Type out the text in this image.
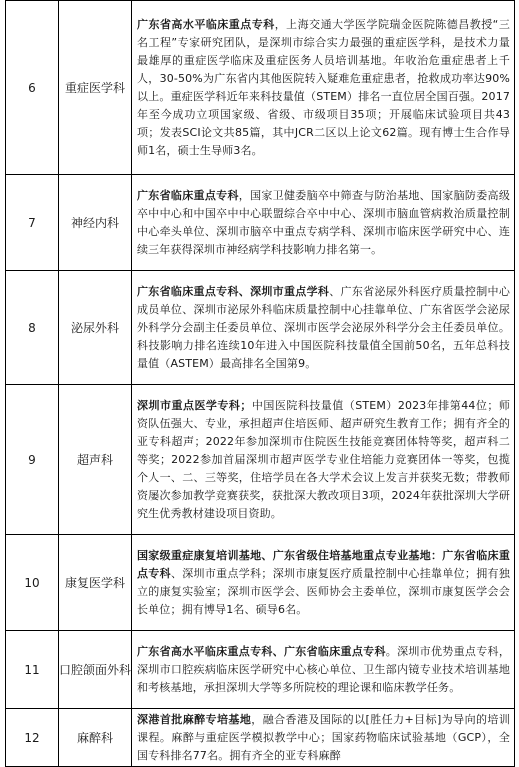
6	重症医学科	广东省高水平临床重点专科，上海交通大学医学院瑞金医院陈德昌教授“三名工程”专家研究团队，是深圳市综合实力最强的重症医学科，是技术力量最雄厚的重症医学临床及重症医务人员培训基地。年收治危重症患者上千人，30-50%为广东省内其他医院转入疑难危重症患者，抢救成功率达90%以上。重症医学科近年来科技量值（STEM）排名一直位居全国百强。2017年至今成功立项国家级、省级、市级项目35项；开展临床试验项目共43项；发表SCI论文共85篇，其中JCR二区以上论文62篇。现有博士生合作导师1名，硕士生导师3名。
7	神经内科	广东省临床重点专科，国家卫健委脑卒中筛查与防治基地、国家脑防委高级卒中中心和中国卒中中心联盟综合卒中中心、深圳市脑血管病救治质量控制中心牵头单位、深圳市脑卒中重点专病学科、深圳市临床医学研究中心、连续三年获得深圳市神经病学科技影响力排名第一。
8	泌尿外科	广东省临床重点专科、深圳市重点学科、广东省泌尿外科医疗质量控制中心成员单位、深圳市泌尿外科临床质量控制中心挂靠单位、广东省医学会泌尿外科学分会副主任委员单位、深圳市医学会泌尿外科学分会主任委员单位。科技影响力排名连续10年进入中国医院科技量值全国前50名，五年总科技量值（ASTEM）最高排名全国第9。
9	超声科	深圳市重点医学专科；中国医院科技量值（STEM）2023年排第44位；师资队伍强大、专业，承担超声住培医师、超声研究生教育工作；拥有齐全的亚专科超声；2022年参加深圳市住院医生技能竞赛团体特等奖，超声科二等奖；2022参加首届深圳市超声医学专业住培能力竞赛团体一等奖，包揽个人一、二、三等奖，住培学员在各大学术会议上发言并获奖无数；带教师资屡次参加教学竞赛获奖，获批深大教改项目3项，2024年获批深圳大学研究生优秀教材建设项目资助。
10	康复医学科	国家级重症康复培训基地、广东省级住培基地重点专业基地：广东省临床重点专科、深圳市重点学科；深圳市康复医疗质量控制中心挂靠单位；拥有独立的康复实验室；深圳市医学会、医师协会主委单位，深圳市康复医学会会长单位；拥有博导1名、硕导6名。
11	口腔颌面外科	广东省高水平临床重点专科、广东省临床重点专科。深圳市优势重点专科，深圳市口腔疾病临床医学研究中心核心单位、卫生部内镜专业技术培训基地和考核基地，承担深圳大学等多所院校的理论课和临床教学任务。
12	麻醉科	深港首批麻醉专培基地，融合香港及国际的以[胜任力+目标]为导向的培训课程。麻醉与重症医学模拟教学中心；国家药物临床试验基地（GCP），全国专科排名77名。拥有齐全的亚专科麻醉
